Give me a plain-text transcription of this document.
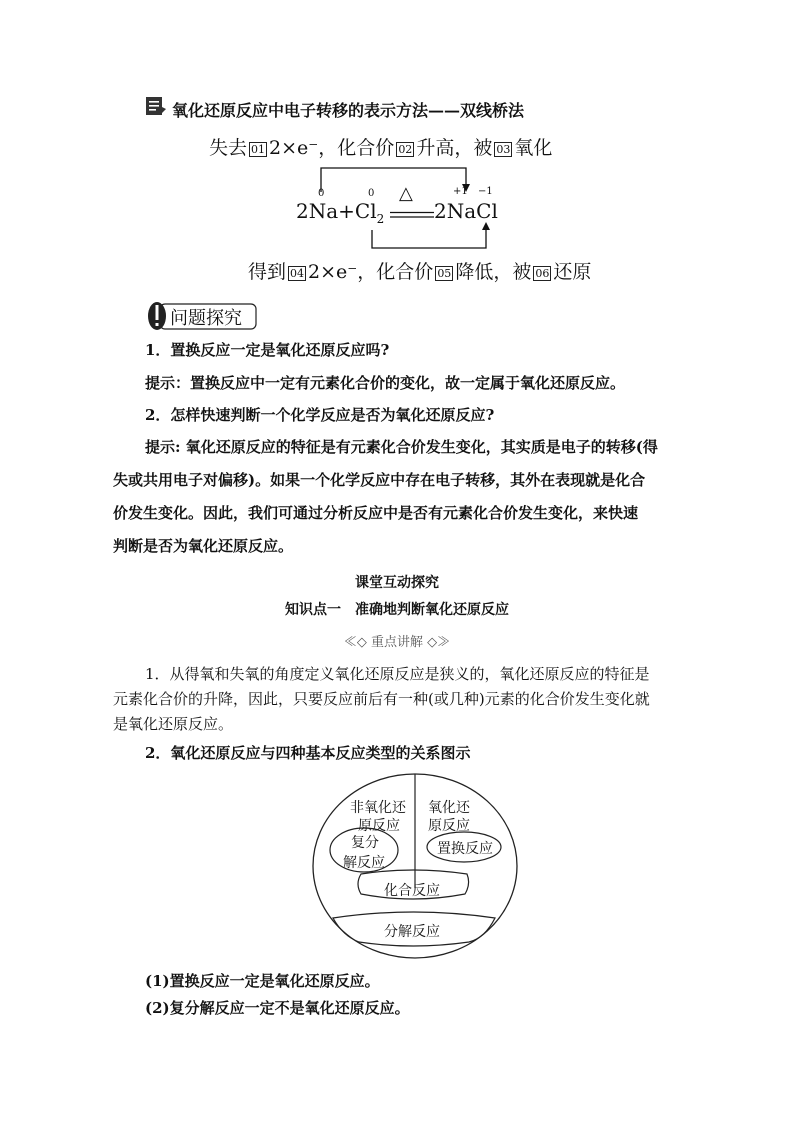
氧化还原反应中电子转移的表示方法——双线桥法
失去 01 2×e⁻，化合价 02 升高，被 03 氧化
0	0	+1 −1
$2Na+Cl_2$
△
2NaCl
得到 04 2×e⁻，化合价 05 降低，被 06 还原
问题探究
1．置换反应一定是氧化还原反应吗?
提示：置换反应中一定有元素化合价的变化，故一定属于氧化还原反应。
2．怎样快速判断一个化学反应是否为氧化还原反应?
提示: 氧化还原反应的特征是有元素化合价发生变化，其实质是电子的转移(得
失或共用电子对偏移)。如果一个化学反应中存在电子转移，其外在表现就是化合
价发生变化。因此，我们可通过分析反应中是否有元素化合价发生变化，来快速
判断是否为氧化还原反应。
课堂互动探究
知识点一　准确地判断氧化还原反应
≪◇ 重点讲解 ◇≫
1．从得氧和失氧的角度定义氧化还原反应是狭义的，氧化还原反应的特征是
元素化合价的升降，因此，只要反应前后有一种(或几种)元素的化合价发生变化就
是氧化还原反应。
2．氧化还原反应与四种基本反应类型的关系图示
非氧化还
原反应
氧化还
原反应
复分
解反应
置换反应
化合反应
分解反应
(1)置换反应一定是氧化还原反应。
(2)复分解反应一定不是氧化还原反应。
